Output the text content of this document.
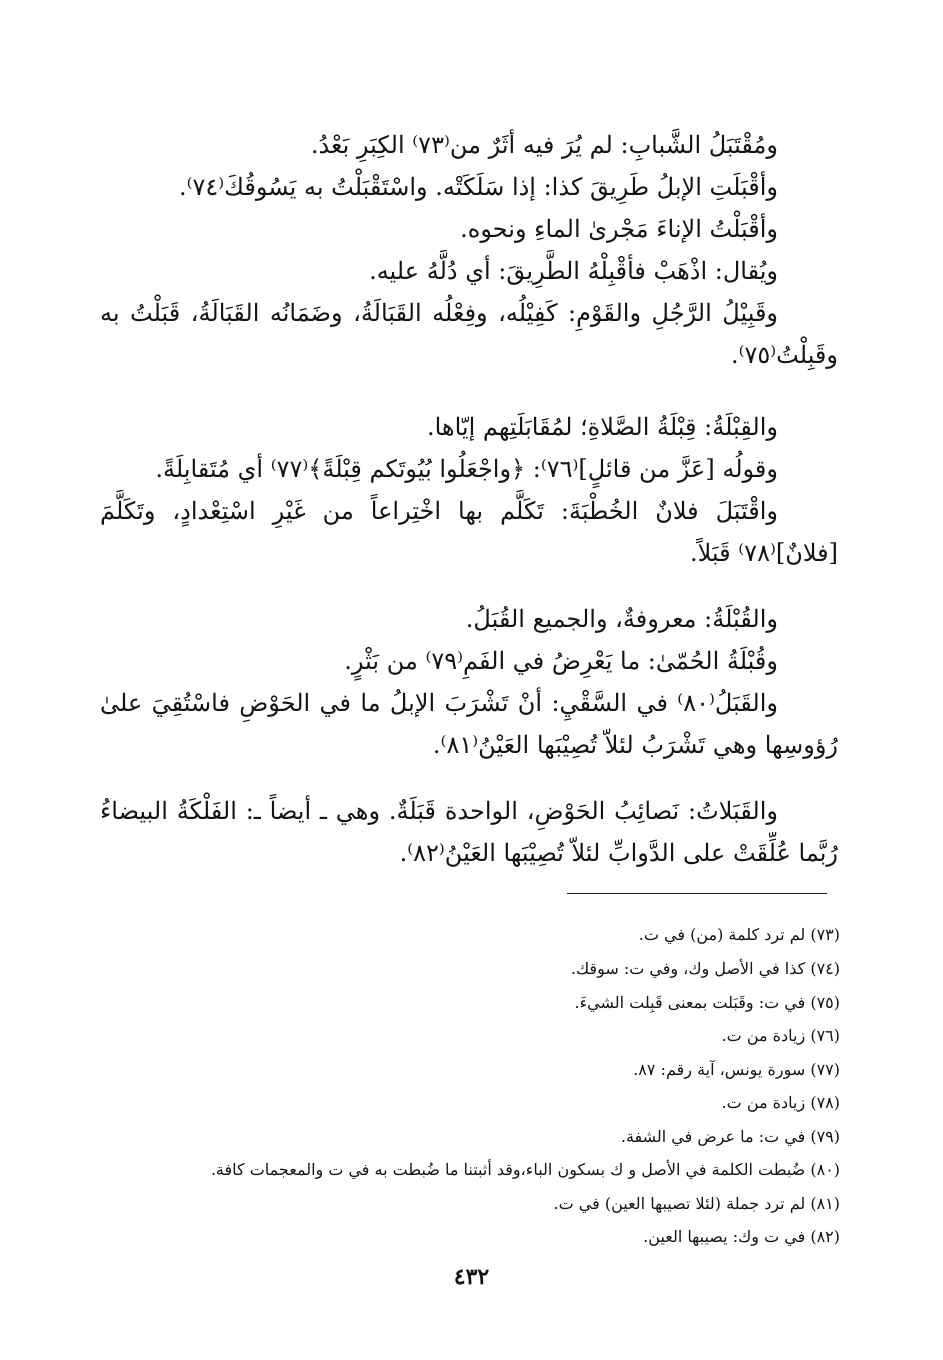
ومُقْتَبَلُ الشَّبابِ: لم يُرَ فيه أثَرٌ من⁽٧٣⁾ الكِبَرِ بَعْدُ.
وأقْبَلَتِ الإبلُ طَرِيقَ كذا: إذا سَلَكَتْه. واسْتَقْبَلْتُ به يَسُوقُكَ⁽٧٤⁾.
وأقْبَلْتُ الإناءَ مَجْرىٰ الماءِ ونحوه.
ويُقال: اذْهَبْ فأقْبِلْهُ الطَّرِيقَ: أي دُلَّهُ عليه.
وقَبِيْلُ الرَّجُلِ والقَوْمِ: كَفِيْلُه، وفِعْلُه القَبَالَةُ، وضَمَانُه القَبَالَةُ، قَبَلْتُ به
وقَبِلْتُ⁽٧٥⁾.
والقِبْلَةُ: قِبْلَةُ الصَّلاةِ؛ لمُقَابَلَتِهم إيّاها.
وقولُه [عَزَّ من قائلٍ]⁽٧٦⁾: ﴿واجْعَلُوا بُيُوتَكم قِبْلَةً﴾⁽٧٧⁾ أي مُتَقابِلَةً.
واقْتَبَلَ فلانٌ الخُطْبَةَ: تَكَلَّم بها اخْتِراعاً من غَيْرِ اسْتِعْدادٍ، وتَكَلَّمَ
[فلانٌ]⁽٧٨⁾ قَبَلاً.
والقُبْلَةُ: معروفةٌ، والجميع القُبَلُ.
وقُبْلَةُ الحُمّىٰ: ما يَعْرِضُ في الفَمِ⁽٧٩⁾ من بَثْرٍ.
والقَبَلُ⁽٨٠⁾ في السَّقْيِ: أنْ تَشْرَبَ الإبلُ ما في الحَوْضِ فاسْتُقِيَ علىٰ
رُؤوسِها وهي تَشْرَبُ لئلاّ تُصِيْبَها العَيْنُ⁽٨١⁾.
والقَبَلاتُ: نَصائِبُ الحَوْضِ، الواحدة قَبَلَةٌ. وهي ـ أيضاً ـ: الفَلْكَةُ البيضاءُ
رُبَّما عُلِّقَتْ على الدَّوابِّ لئلاّ تُصِيْبَها العَيْنُ⁽٨٢⁾.
(٧٣) لم ترد كلمة (من) في ت.
(٧٤) كذا في الأصل وك، وفي ت: سوقك.
(٧٥) في ت: وقَبَلت بمعنى قَبِلت الشيءَ.
(٧٦) زيادة من ت.
(٧٧) سورة يونس، آية رقم: ٨٧.
(٧٨) زيادة من ت.
(٧٩) في ت: ما عرض في الشفة.
(٨٠) ضُبطت الكلمة في الأصل و ك بسكون الباء،وقد أثبتنا ما ضُبطت به في ت والمعجمات كافة.
(٨١) لم ترد جملة (لئلا تصيبها العين) في ت.
(٨٢) في ت وك: يصيبها العين.
٤٣٢
